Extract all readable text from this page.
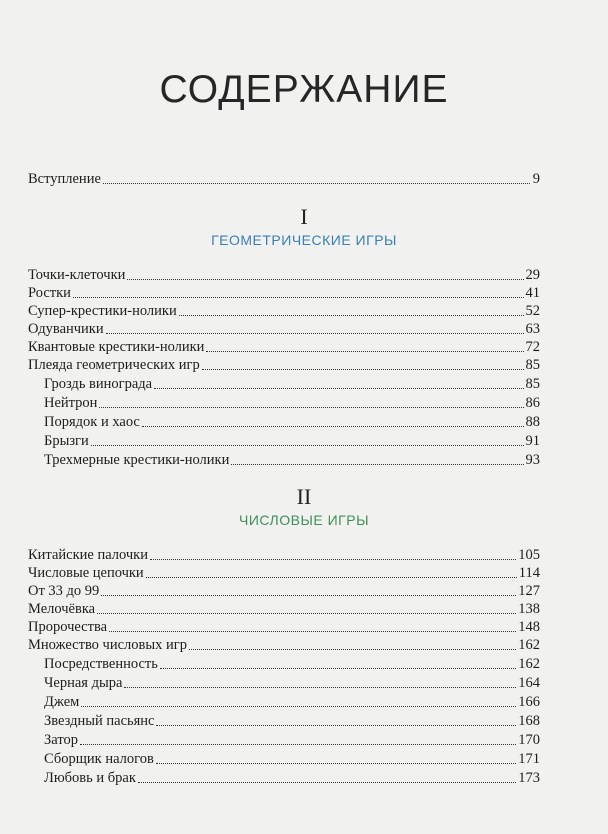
СОДЕРЖАНИЕ
Вступление	9
I
ГЕОМЕТРИЧЕСКИЕ ИГРЫ
Точки-клеточки	29
Ростки	41
Супер-крестики-нолики	52
Одуванчики	63
Квантовые крестики-нолики	72
Плеяда геометрических игр	85
Гроздь винограда	85
Нейтрон	86
Порядок и хаос	88
Брызги	91
Трехмерные крестики-нолики	93
II
ЧИСЛОВЫЕ ИГРЫ
Китайские палочки	105
Числовые цепочки	114
От 33 до 99	127
Мелочёвка	138
Пророчества	148
Множество числовых игр	162
Посредственность	162
Черная дыра	164
Джем	166
Звездный пасьянс	168
Затор	170
Сборщик налогов	171
Любовь и брак	173
